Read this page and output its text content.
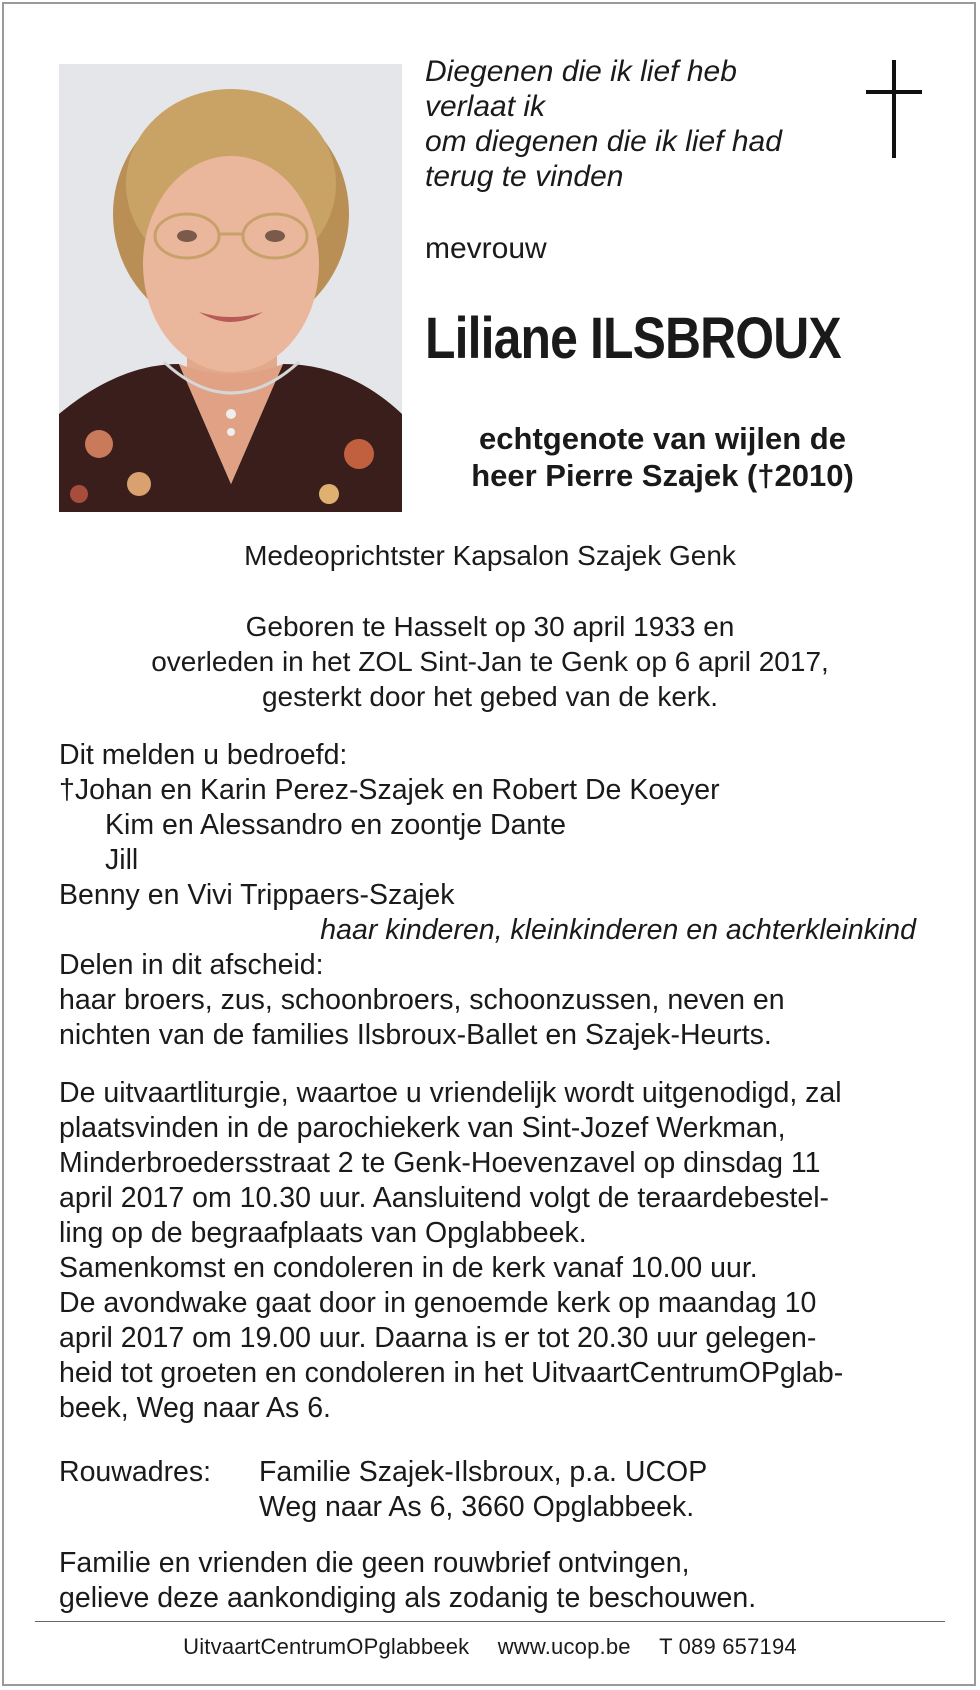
Diegenen die ik lief heb
verlaat ik
om diegenen die ik lief had
terug te vinden
mevrouw
Liliane ILSBROUX
echtgenote van wijlen de
heer Pierre Szajek (†2010)
Medeoprichtster Kapsalon Szajek Genk
Geboren te Hasselt op 30 april 1933 en
overleden in het ZOL Sint-Jan te Genk op 6 april 2017,
gesterkt door het gebed van de kerk.
Dit melden u bedroefd:
†Johan en Karin Perez-Szajek en Robert De Koeyer
Kim en Alessandro en zoontje Dante
Jill
Benny en Vivi Trippaers-Szajek
haar kinderen, kleinkinderen en achterkleinkind
Delen in dit afscheid:
haar broers, zus, schoonbroers, schoonzussen, neven en
nichten van de families Ilsbroux-Ballet en Szajek-Heurts.
De uitvaartliturgie, waartoe u vriendelijk wordt uitgenodigd, zal
plaatsvinden in de parochiekerk van Sint-Jozef Werkman,
Minderbroedersstraat 2 te Genk-Hoevenzavel op dinsdag 11
april 2017 om 10.30 uur. Aansluitend volgt de teraardebestel-
ling op de begraafplaats van Opglabbeek.
Samenkomst en condoleren in de kerk vanaf 10.00 uur.
De avondwake gaat door in genoemde kerk op maandag 10
april 2017 om 19.00 uur. Daarna is er tot 20.30 uur gelegen-
heid tot groeten en condoleren in het UitvaartCentrumOPglab-
beek, Weg naar As 6.
Rouwadres:	Familie Szajek-Ilsbroux, p.a. UCOP
Weg naar As 6, 3660 Opglabbeek.
Familie en vrienden die geen rouwbrief ontvingen,
gelieve deze aankondiging als zodanig te beschouwen.
UitvaartCentrumOPglabbeek www.ucop.be T 089 657194
